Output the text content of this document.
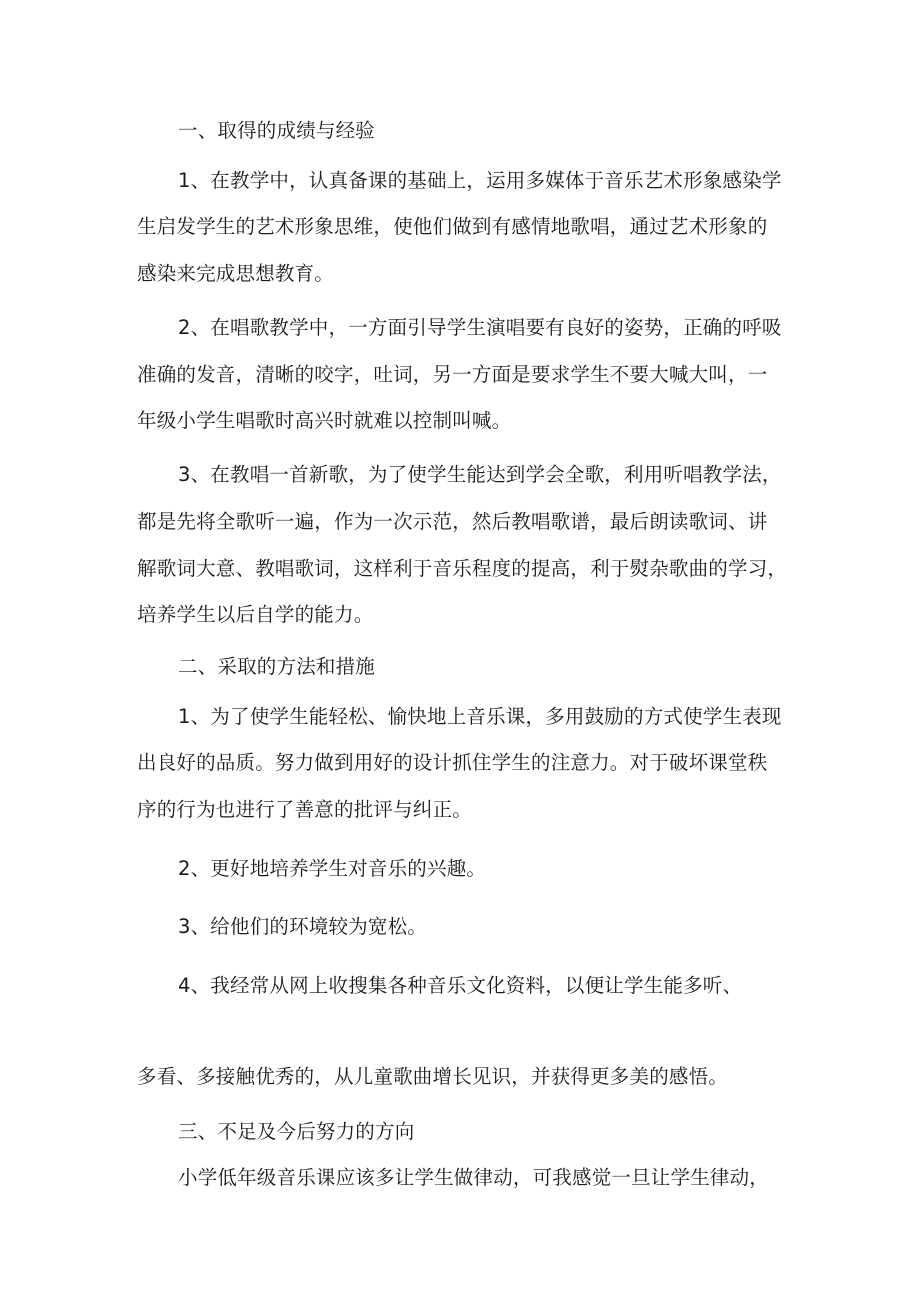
一、取得的成绩与经验
1、在教学中，认真备课的基础上，运用多媒体于音乐艺术形象感染学
生启发学生的艺术形象思维，使他们做到有感情地歌唱，通过艺术形象的
感染来完成思想教育。
2、在唱歌教学中，一方面引导学生演唱要有良好的姿势，正确的呼吸
准确的发音，清晰的咬字，吐词，另一方面是要求学生不要大喊大叫，一
年级小学生唱歌时高兴时就难以控制叫喊。
3、在教唱一首新歌，为了使学生能达到学会全歌，利用听唱教学法，
都是先将全歌听一遍，作为一次示范，然后教唱歌谱，最后朗读歌词、讲
解歌词大意、教唱歌词，这样利于音乐程度的提高，利于熨杂歌曲的学习，
培养学生以后自学的能力。
二、采取的方法和措施
1、为了使学生能轻松、愉快地上音乐课，多用鼓励的方式使学生表现
出良好的品质。努力做到用好的设计抓住学生的注意力。对于破坏课堂秩
序的行为也进行了善意的批评与纠正。
2、更好地培养学生对音乐的兴趣。
3、给他们的环境较为宽松。
4、我经常从网上收搜集各种音乐文化资料，以便让学生能多听、
多看、多接触优秀的，从儿童歌曲增长见识，并获得更多美的感悟。
三、不足及今后努力的方向
小学低年级音乐课应该多让学生做律动，可我感觉一旦让学生律动，
